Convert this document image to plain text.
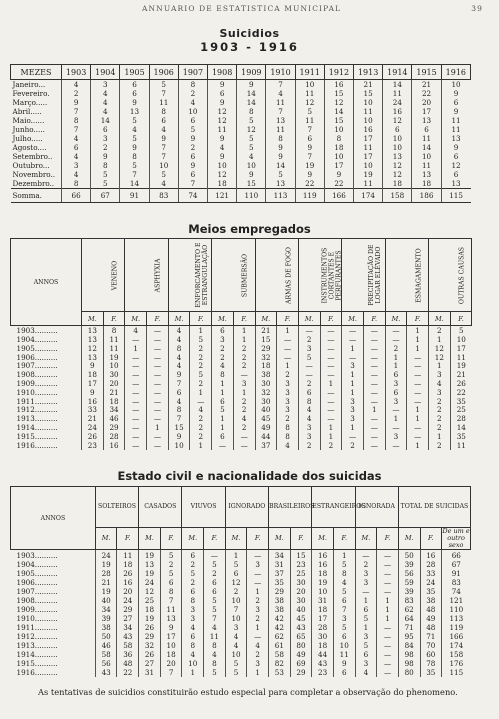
ANNUARIO DE ESTATISTICA MUNICIPAL	39
Suicidios
1903 - 1916
MEZES	1903	1904	1905	1906	1907	1908	1909	1910	1911	1912	1913	1914	1915	1916
Janeiro...	4	3	6	5	8	9	9	7	10	16	21	14	21	10
Fevereiro.	2	4	6	7	2	6	14	4	11	15	15	11	22	9
Março.....	9	4	9	11	4	9	14	11	12	12	10	24	20	6
Abril.....	7	4	13	8	10	12	8	7	5	14	11	16	17	9
Maio......	8	14	5	6	6	12	5	13	11	15	10	12	13	11
Junho.....	7	6	4	4	5	11	12	11	7	10	16	6	6	11
Julho.....	4	3	5	9	9	9	5	8	6	8	17	10	11	13
Agosto....	6	2	9	7	2	4	5	9	9	18	11	10	14	9
Setembro..	4	9	8	7	6	9	4	9	7	10	17	13	10	6
Outubro...	3	8	5	10	9	10	10	14	19	17	10	12	11	12
Novembro..	4	5	7	5	6	12	9	5	9	9	19	12	13	6
Dezembro..	8	5	14	4	7	18	15	13	22	22	11	18	18	13
Somma.	66	67	91	83	74	121	110	113	119	166	174	158	186	115
Meios empregados
ANNOS	VENENO		ASPHYXIA		ENFORCAMENTO E ESTRANGULAÇÃO		SUBMERSÃO		ARMAS DE FOGO		INSTRUMENTOS CORTANTES E PERFURANTES		PRECIPITAÇÃO DE LOGAR ELEVADO		ESMAGAMENTO		OUTRAS CAUSAS	
	M.	F.	M.	F.	M.	F.	M.	F.	M.	F.	M.	F.	M.	F.	M.	F.	M.	F.
1903..........	13	8	4	—	4	1	6	1	21	1	—	—	—	—	—	1	2	5
1904..........	13	11	—	—	4	5	3	1	15	—	2	—	—	—	—	1	1	10
1905..........	12	11	1	—	8	2	2	2	29	—	3	—	1	—	2	1	12	17
1906..........	13	19	—	—	4	2	2	2	32	—	5	—	—	—	1	—	12	11
1907..........	9	10	—	—	4	2	4	2	18	1	—	—	3	—	1	—	1	19
1908..........	18	30	—	—	9	5	8	—	38	2	—	—	1	—	6	—	3	21
1909..........	17	20	—	—	7	2	1	3	30	3	2	1	1	—	3	—	4	26
1910..........	9	21	—	—	6	1	1	1	32	3	6	—	1	—	6	—	3	22
1911..........	16	18	—	—	4	—	6	2	30	3	8	—	3	—	3	—	2	35
1912..........	33	34	—	—	8	4	5	2	40	3	4	—	3	1	—	1	2	25
1913..........	21	46	—	—	7	2	1	4	45	2	4	—	3	—	1	1	2	28
1914..........	24	29	—	1	15	2	1	2	49	8	3	1	1	—	—	—	2	14
1915..........	26	28	—	—	9	2	6	—	44	8	3	1	—	—	3	—	1	35
1916..........	23	16	—	—	10	1	—	—	37	4	2	2	2	—	—	1	2	11
Estado civil e nacionalidade dos suicidas
ANNOS	SOLTEIROS		CASADOS		VIUVOS		IGNORADO		BRASILEIROS		ESTRANGEIROS		IGNORADA		TOTAL DE SUICIDAS		
	M.	F.	M.	F.	M.	F.	M.	F.	M.	F.	M.	F.	M.	F.	M.	F.	De um e outro sexo
1903..........	24	11	19	5	6	—	1	—	34	15	16	1	—	—	50	16	66
1904..........	19	18	13	2	2	5	5	3	31	23	16	5	2	—	39	28	67
1905..........	28	26	19	5	5	2	6	—	37	25	18	8	3	—	56	33	91
1906..........	21	16	24	6	2	6	12	—	35	30	19	4	3	—	59	24	83
1907..........	19	20	12	8	6	6	2	1	29	20	10	5	—	—	39	35	74
1908..........	40	24	25	7	8	5	10	2	38	30	31	6	1	1	83	38	121
1909..........	34	29	18	11	3	5	7	3	38	40	18	7	6	1	62	48	110
1910..........	39	27	19	13	3	7	10	2	42	45	17	3	5	1	64	49	113
1911..........	38	34	26	9	4	4	3	1	42	43	28	5	1	—	71	48	119
1912..........	50	43	29	17	6	11	4	—	62	65	30	6	3	—	95	71	166
1913..........	46	58	32	10	8	8	4	4	61	80	18	10	5	—	84	70	174
1914..........	58	36	26	18	4	4	10	2	58	49	44	11	6	—	98	60	158
1915..........	56	48	27	20	10	8	5	3	82	69	43	9	3	—	98	78	176
1916..........	43	22	31	7	1	5	5	1	53	29	23	6	4	—	80	35	115
As tentativas de suicidios constituirão estudo especial para completar a observação do phenomeno.
